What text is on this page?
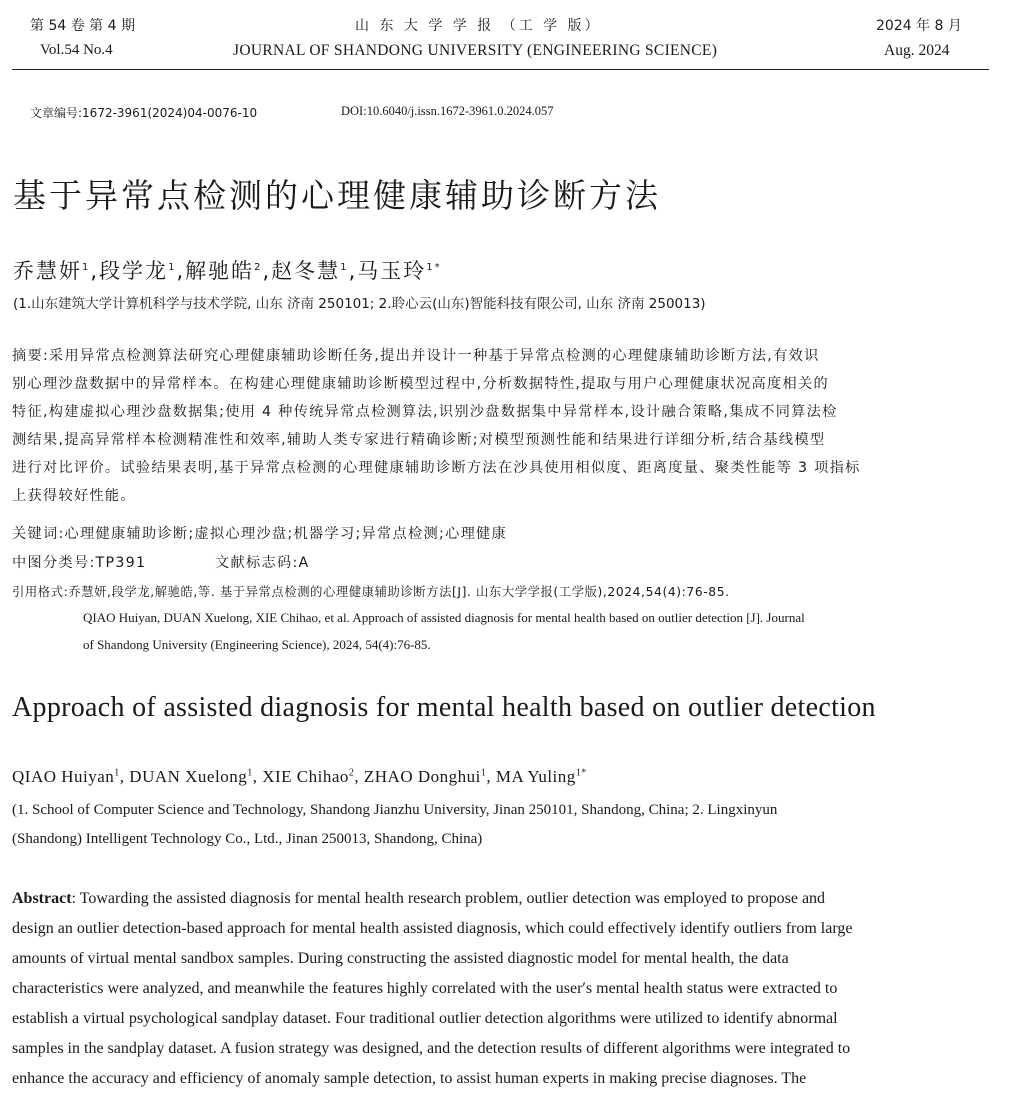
第 54 卷 第 4 期
Vol.54 No.4
山 东 大 学 学 报 （工 学 版）
JOURNAL OF SHANDONG UNIVERSITY (ENGINEERING SCIENCE)
2024 年 8 月
Aug. 2024
文章编号:1672-3961(2024)04-0076-10	DOI:10.6040/j.issn.1672-3961.0.2024.057
基于异常点检测的心理健康辅助诊断方法
乔慧妍$^1$,段学龙$^1$,解驰皓$^2$,赵冬慧$^1$,马玉玲$^{1*}$
(1.山东建筑大学计算机科学与技术学院, 山东 济南 250101; 2.聆心云(山东)智能科技有限公司, 山东 济南 250013)
摘要:采用异常点检测算法研究心理健康辅助诊断任务,提出并设计一种基于异常点检测的心理健康辅助诊断方法,有效识
别心理沙盘数据中的异常样本。在构建心理健康辅助诊断模型过程中,分析数据特性,提取与用户心理健康状况高度相关的
特征,构建虚拟心理沙盘数据集;使用 4 种传统异常点检测算法,识别沙盘数据集中异常样本,设计融合策略,集成不同算法检
测结果,提高异常样本检测精准性和效率,辅助人类专家进行精确诊断;对模型预测性能和结果进行详细分析,结合基线模型
进行对比评价。试验结果表明,基于异常点检测的心理健康辅助诊断方法在沙具使用相似度、距离度量、聚类性能等 3 项指标
上获得较好性能。
关键词:心理健康辅助诊断;虚拟心理沙盘;机器学习;异常点检测;心理健康
中图分类号:TP391	文献标志码:A
引用格式:乔慧妍,段学龙,解驰皓,等. 基于异常点检测的心理健康辅助诊断方法[J]. 山东大学学报(工学版),2024,54(4):76-85.
QIAO Huiyan, DUAN Xuelong, XIE Chihao, et al. Approach of assisted diagnosis for mental health based on outlier detection [J]. Journal
of Shandong University (Engineering Science), 2024, 54(4):76-85.
Approach of assisted diagnosis for mental health based on outlier detection
QIAO Huiyan$^1$, DUAN Xuelong$^1$, XIE Chihao$^2$, ZHAO Donghui$^1$, MA Yuling$^{1*}$
(1. School of Computer Science and Technology, Shandong Jianzhu University, Jinan 250101, Shandong, China; 2. Lingxinyun
(Shandong) Intelligent Technology Co., Ltd., Jinan 250013, Shandong, China)
Abstract: Towarding the assisted diagnosis for mental health research problem, outlier detection was employed to propose and
design an outlier detection-based approach for mental health assisted diagnosis, which could effectively identify outliers from large
amounts of virtual mental sandbox samples. During constructing the assisted diagnostic model for mental health, the data
characteristics were analyzed, and meanwhile the features highly correlated with the user′s mental health status were extracted to
establish a virtual psychological sandplay dataset. Four traditional outlier detection algorithms were utilized to identify abnormal
samples in the sandplay dataset. A fusion strategy was designed, and the detection results of different algorithms were integrated to
enhance the accuracy and efficiency of anomaly sample detection, to assist human experts in making precise diagnoses. The
